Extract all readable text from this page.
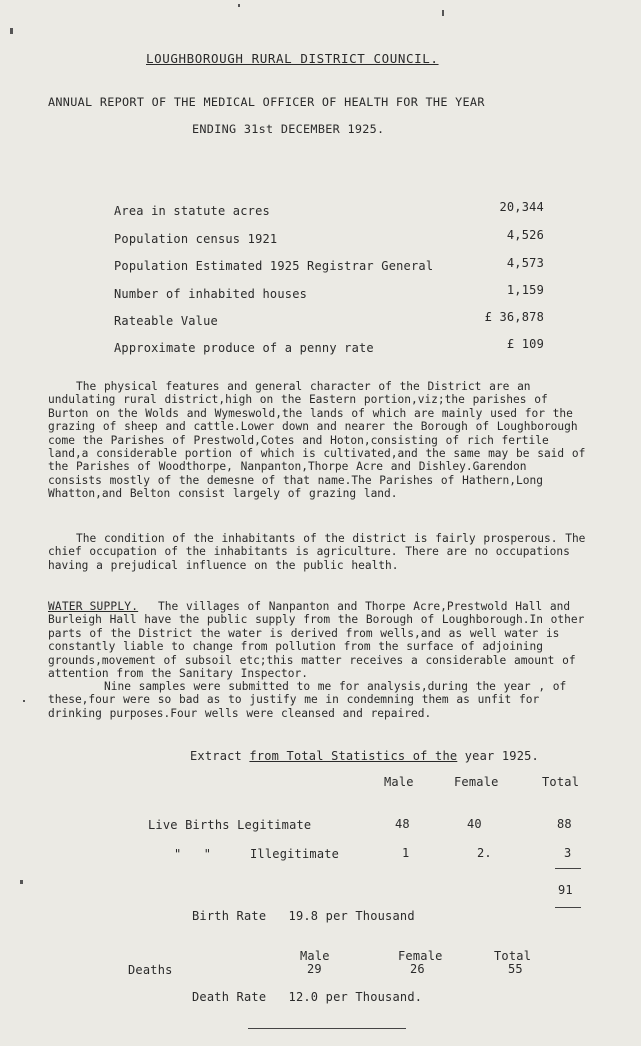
LOUGHBOROUGH RURAL DISTRICT COUNCIL.
ANNUAL REPORT OF THE MEDICAL OFFICER OF HEALTH FOR THE YEAR
ENDING 31st DECEMBER 1925.
Area in statute acres	20,344
Population census 1921	4,526
Population Estimated 1925 Registrar General	4,573
Number of inhabited houses	1,159
Rateable Value	£ 36,878
Approximate produce of a penny rate	£ 109
The physical features and general character of the District are an undulating rural district,high on the Eastern portion,viz;the parishes of Burton on the Wolds and Wymeswold,the lands of which are mainly used for the grazing of sheep and cattle.Lower down and nearer the Borough of Loughborough come the Parishes of Prestwold,Cotes and Hoton,consisting of rich fertile land,a considerable portion of which is cultivated,and the same may be said of the Parishes of Woodthorpe, Nanpanton,Thorpe Acre and Dishley.Garendon consists mostly of the demesne of that name.The Parishes of Hathern,Long Whatton,and Belton consist largely of grazing land.
The condition of the inhabitants of the district is fairly prosperous. The chief occupation of the inhabitants is agriculture. There are no occupations having a prejudical influence on the public health.
WATER SUPPLY.	The villages of Nanpanton and Thorpe Acre,Prestwold Hall and Burleigh Hall have the public supply from the Borough of Loughborough.In other parts of the District the water is derived from wells,and as well water is constantly liable to change from pollution from the surface of adjoining grounds,movement of subsoil etc;this matter receives a considerable amount of attention from the Sanitary Inspector.
Nine samples were submitted to me for analysis,during the year , of these,four were so bad as to justify me in condemning them as unfit for drinking purposes.Four wells were cleansed and repaired.
Extract from Total Statistics of the year 1925.
Male	Female	Total
Live Births Legitimate	48	40	88
"   "	Illegitimate	1	2.	3
91
Birth Rate   19.8 per Thousand
Male	Female	Total
Deaths	29	26	55
Death Rate   12.0 per Thousand.
